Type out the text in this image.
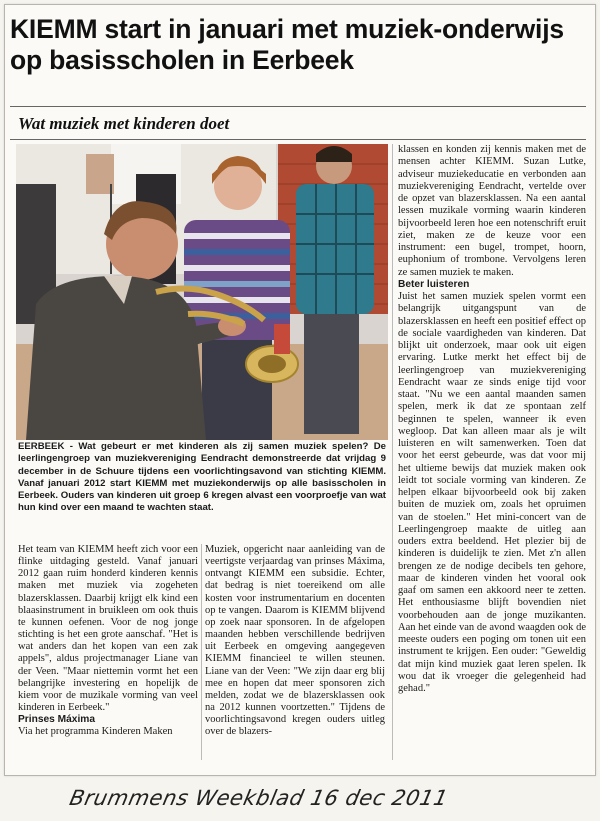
KIEMM start in januari met muziek-onderwijs op basisscholen in Eerbeek
Wat muziek met kinderen doet
EERBEEK - Wat gebeurt er met kinderen als zij samen muziek spelen? De leerlingengroep van muziekvereniging Eendracht demonstreerde dat vrijdag 9 december in de Schuure tijdens een voorlichtingsavond van stichting KIEMM. Vanaf januari 2012 start KIEMM met muziekonderwijs op alle basisscholen in Eerbeek. Ouders van kinderen uit groep 6 kregen alvast een voorproefje van wat hun kind over een maand te wachten staat.

Het team van KIEMM heeft zich voor een flinke uitdaging gesteld. Vanaf januari 2012 gaan ruim honderd kinderen kennis maken met muziek via zogeheten blazersklassen. Daarbij krijgt elk kind een blaasinstrument in bruikleen om ook thuis te kunnen oefenen. Voor de nog jonge stichting is het een grote aanschaf. "Het is wat anders dan het kopen van een zak appels", aldus projectmanager Liane van der Veen. "Maar niettemin vormt het een belangrijke investering en hopelijk de kiem voor de muzikale vorming van veel kinderen in Eerbeek."

Prinses Máxima

Via het programma Kinderen Maken

Muziek, opgericht naar aanleiding van de veertigste verjaardag van prinses Máxima, ontvangt KIEMM een subsidie. Echter, dat bedrag is niet toereikend om alle kosten voor instrumentarium en docenten op te vangen. Daarom is KIEMM blijvend op zoek naar sponsoren. In de afgelopen maanden hebben verschillende bedrijven uit Eerbeek en omgeving aangegeven KIEMM financieel te willen steunen. Liane van der Veen: "We zijn daar erg blij mee en hopen dat meer sponsoren zich melden, zodat we de blazersklassen ook na 2012 kunnen voortzetten." Tijdens de voorlichtingsavond kregen ouders uitleg over de blazers-

klassen en konden zij kennis maken met de mensen achter KIEMM. Suzan Lutke, adviseur muziekeducatie en verbonden aan muziekvereniging Eendracht, vertelde over de opzet van blazersklassen. Na een aantal lessen muzikale vorming waarin kinderen bijvoorbeeld leren hoe een notenschrift eruit ziet, maken ze de keuze voor een instrument: een bugel, trompet, hoorn, euphonium of trombone. Vervolgens leren ze samen muziek te maken.

Beter luisteren

Juist het samen muziek spelen vormt een belangrijk uitgangspunt van de blazersklassen en heeft een positief effect op de sociale vaardigheden van kinderen. Dat blijkt uit onderzoek, maar ook uit eigen ervaring. Lutke merkt het effect bij de leerlingengroep van muziekvereniging Eendracht waar ze sinds enige tijd voor staat. "Nu we een aantal maanden samen spelen, merk ik dat ze spontaan zelf beginnen te spelen, wanneer ik even wegloop. Dat kan alleen maar als je wilt luisteren en wilt samenwerken. Toen dat voor het eerst gebeurde, was dat voor mij het ultieme bewijs dat muziek maken ook leidt tot sociale vorming van kinderen. Ze helpen elkaar bijvoorbeeld ook bij zaken buiten de muziek om, zoals het opruimen van de stoelen." Het mini-concert van de Leerlingengroep maakte de uitleg aan ouders extra beeldend. Het plezier bij de kinderen is duidelijk te zien. Met z'n allen brengen ze de nodige decibels ten gehore, maar de kinderen vinden het vooral ook gaaf om samen een akkoord neer te zetten. Het enthousiasme blijft bovendien niet voorbehouden aan de jonge muzikanten. Aan het einde van de avond waagden ook de meeste ouders een poging om tonen uit een instrument te krijgen. Een ouder: "Geweldig dat mijn kind muziek gaat leren spelen. Ik wou dat ik vroeger die gelegenheid had gehad."

Brummens Weekblad 16 dec 2011
